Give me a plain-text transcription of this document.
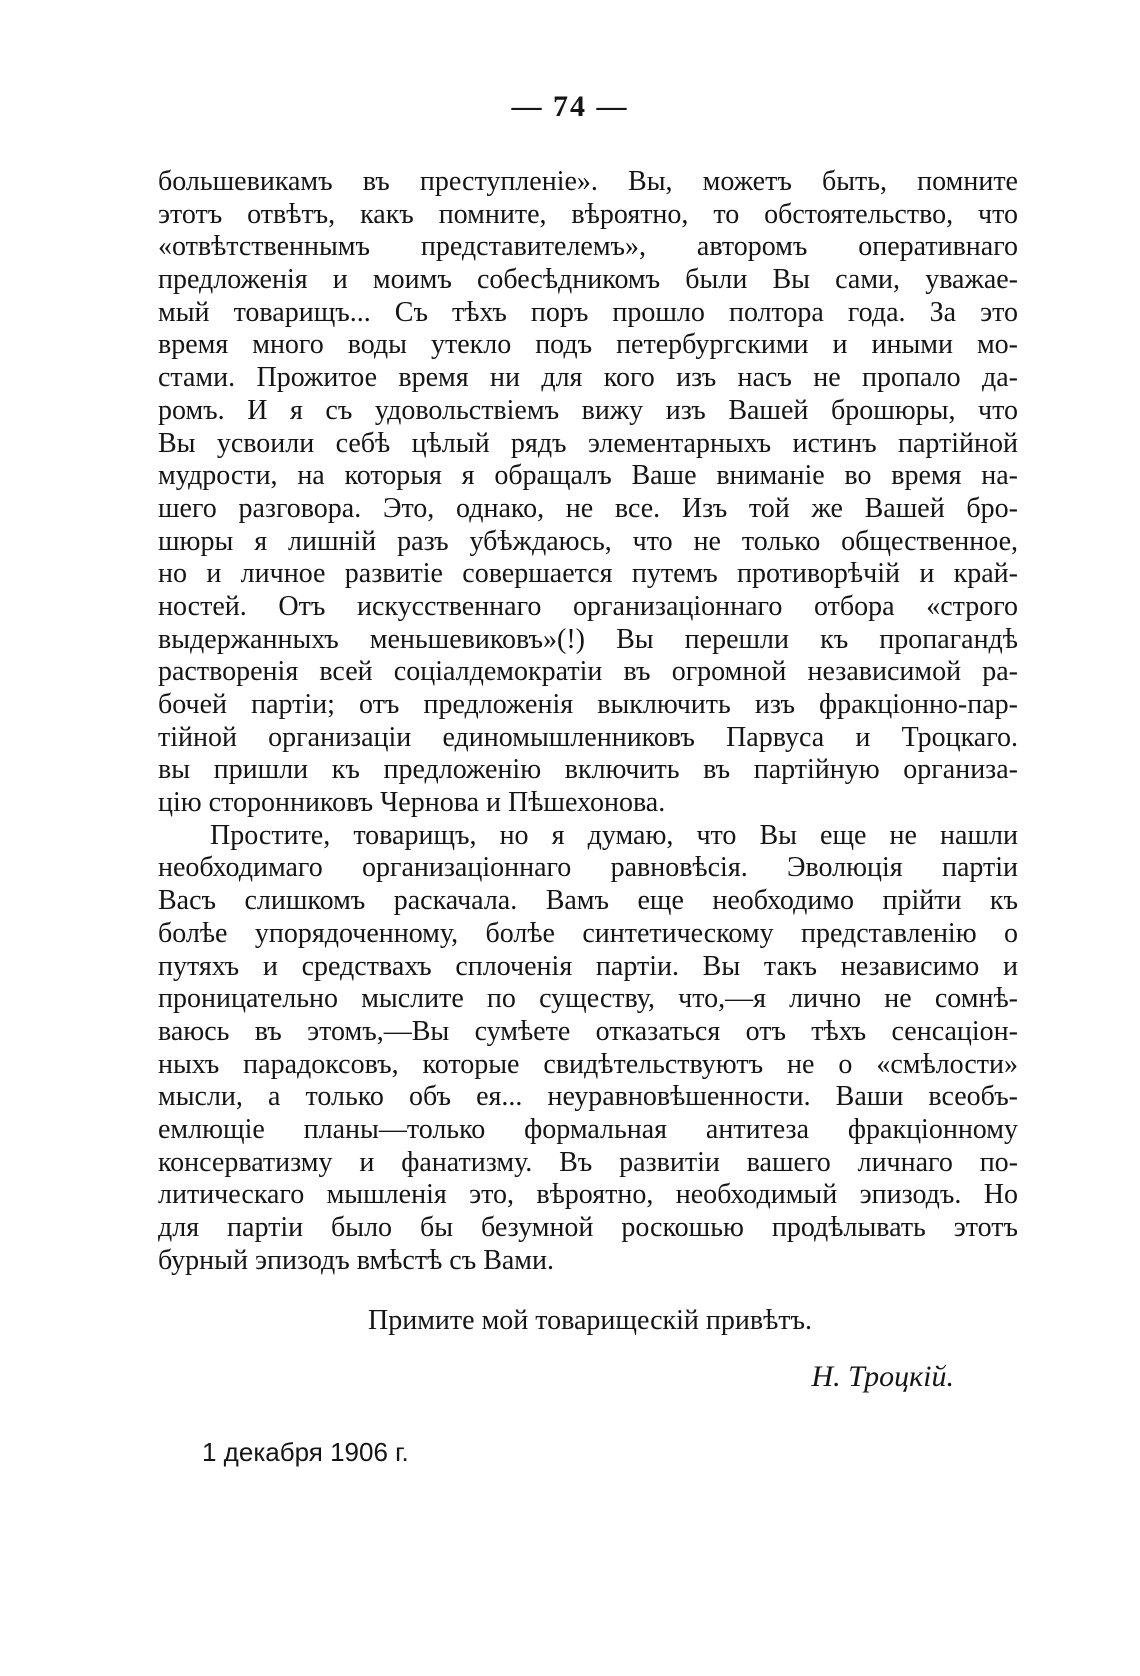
— 74 —
большевикамъ въ преступленіе». Вы, можетъ быть, помните
этотъ отвѣтъ, какъ помните, вѣроятно, то обстоятельство, что
«отвѣтственнымъ представителемъ», авторомъ оперативнаго
предложенія и моимъ собесѣдникомъ были Вы сами, уважае-
мый товарищъ... Съ тѣхъ поръ прошло полтора года. За это
время много воды утекло подъ петербургскими и иными мо-
стами. Прожитое время ни для кого изъ насъ не пропало да-
ромъ. И я съ удовольствіемъ вижу изъ Вашей брошюры, что
Вы усвоили себѣ цѣлый рядъ элементарныхъ истинъ партійной
мудрости, на которыя я обращалъ Ваше вниманіе во время на-
шего разговора. Это, однако, не все. Изъ той же Вашей бро-
шюры я лишній разъ убѣждаюсь, что не только общественное,
но и личное развитіе совершается путемъ противорѣчій и край-
ностей. Отъ искусственнаго организаціоннаго отбора «строго
выдержанныхъ меньшевиковъ»(!) Вы перешли къ пропагандѣ
растворенія всей соціалдемократіи въ огромной независимой ра-
бочей партіи; отъ предложенія выключить изъ фракціонно-пар-
тійной организаціи единомышленниковъ Парвуса и Троцкаго.
вы пришли къ предложенію включить въ партійную организа-
цію сторонниковъ Чернова и Пѣшехонова.
Простите, товарищъ, но я думаю, что Вы еще не нашли
необходимаго организаціоннаго равновѣсія. Эволюція партіи
Васъ слишкомъ раскачала. Вамъ еще необходимо прійти къ
болѣе упорядоченному, болѣе синтетическому представленію о
путяхъ и средствахъ сплоченія партіи. Вы такъ независимо и
проницательно мыслите по существу, что,—я лично не сомнѣ-
ваюсь въ этомъ,—Вы сумѣете отказаться отъ тѣхъ сенсаціон-
ныхъ парадоксовъ, которые свидѣтельствуютъ не о «смѣлости»
мысли, а только объ ея... неуравновѣшенности. Ваши всеобъ-
емлющіе планы—только формальная антитеза фракціонному
консерватизму и фанатизму. Въ развитіи вашего личнаго по-
литическаго мышленія это, вѣроятно, необходимый эпизодъ. Но
для партіи было бы безумной роскошью продѣлывать этотъ
бурный эпизодъ вмѣстѣ съ Вами.
Примите мой товарищескій привѣтъ.
Н. Троцкій.
1 декабря 1906 г.
